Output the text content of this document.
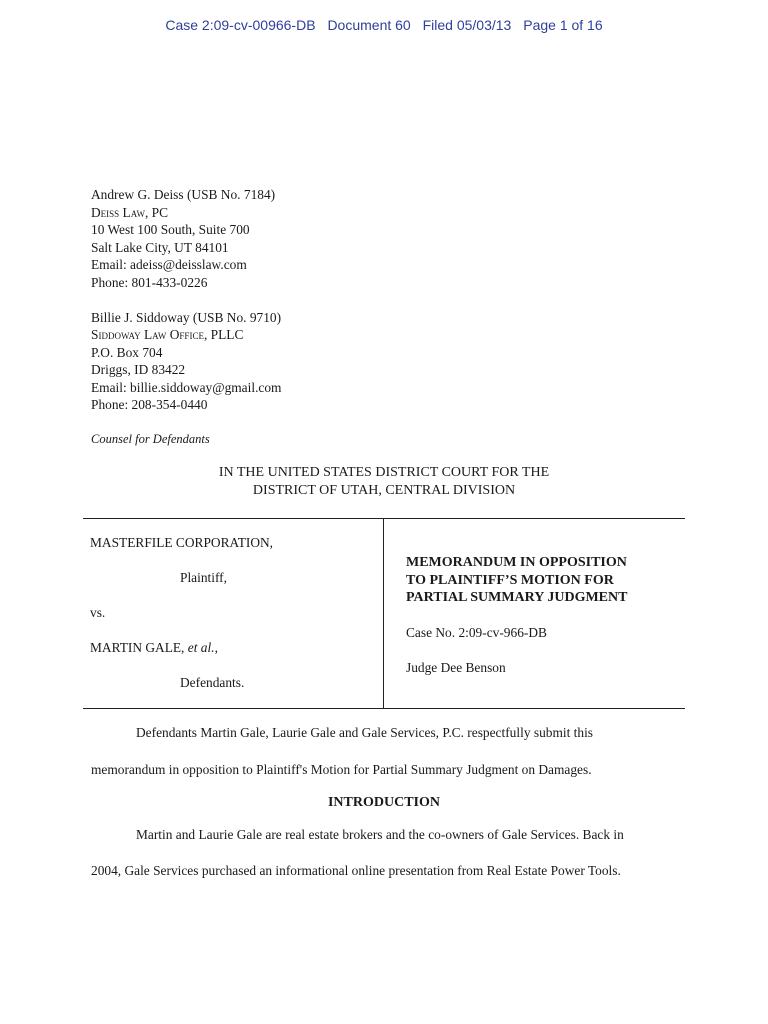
Case 2:09-cv-00966-DB Document 60 Filed 05/03/13 Page 1 of 16
Andrew G. Deiss (USB No. 7184)
Deiss Law, PC
10 West 100 South, Suite 700
Salt Lake City, UT 84101
Email: adeiss@deisslaw.com
Phone: 801-433-0226
Billie J. Siddoway (USB No. 9710)
Siddoway Law Office, PLLC
P.O. Box 704
Driggs, ID 83422
Email: billie.siddoway@gmail.com
Phone: 208-354-0440
Counsel for Defendants
IN THE UNITED STATES DISTRICT COURT FOR THE
DISTRICT OF UTAH, CENTRAL DIVISION
MASTERFILE CORPORATION,
Plaintiff,
vs.
MARTIN GALE, et al.,
Defendants.
MEMORANDUM IN OPPOSITION
TO PLAINTIFF’S MOTION FOR
PARTIAL SUMMARY JUDGMENT
Case No. 2:09-cv-966-DB
Judge Dee Benson
Defendants Martin Gale, Laurie Gale and Gale Services, P.C. respectfully submit this
memorandum in opposition to Plaintiff's Motion for Partial Summary Judgment on Damages.
INTRODUCTION
Martin and Laurie Gale are real estate brokers and the co-owners of Gale Services. Back in
2004, Gale Services purchased an informational online presentation from Real Estate Power Tools.
